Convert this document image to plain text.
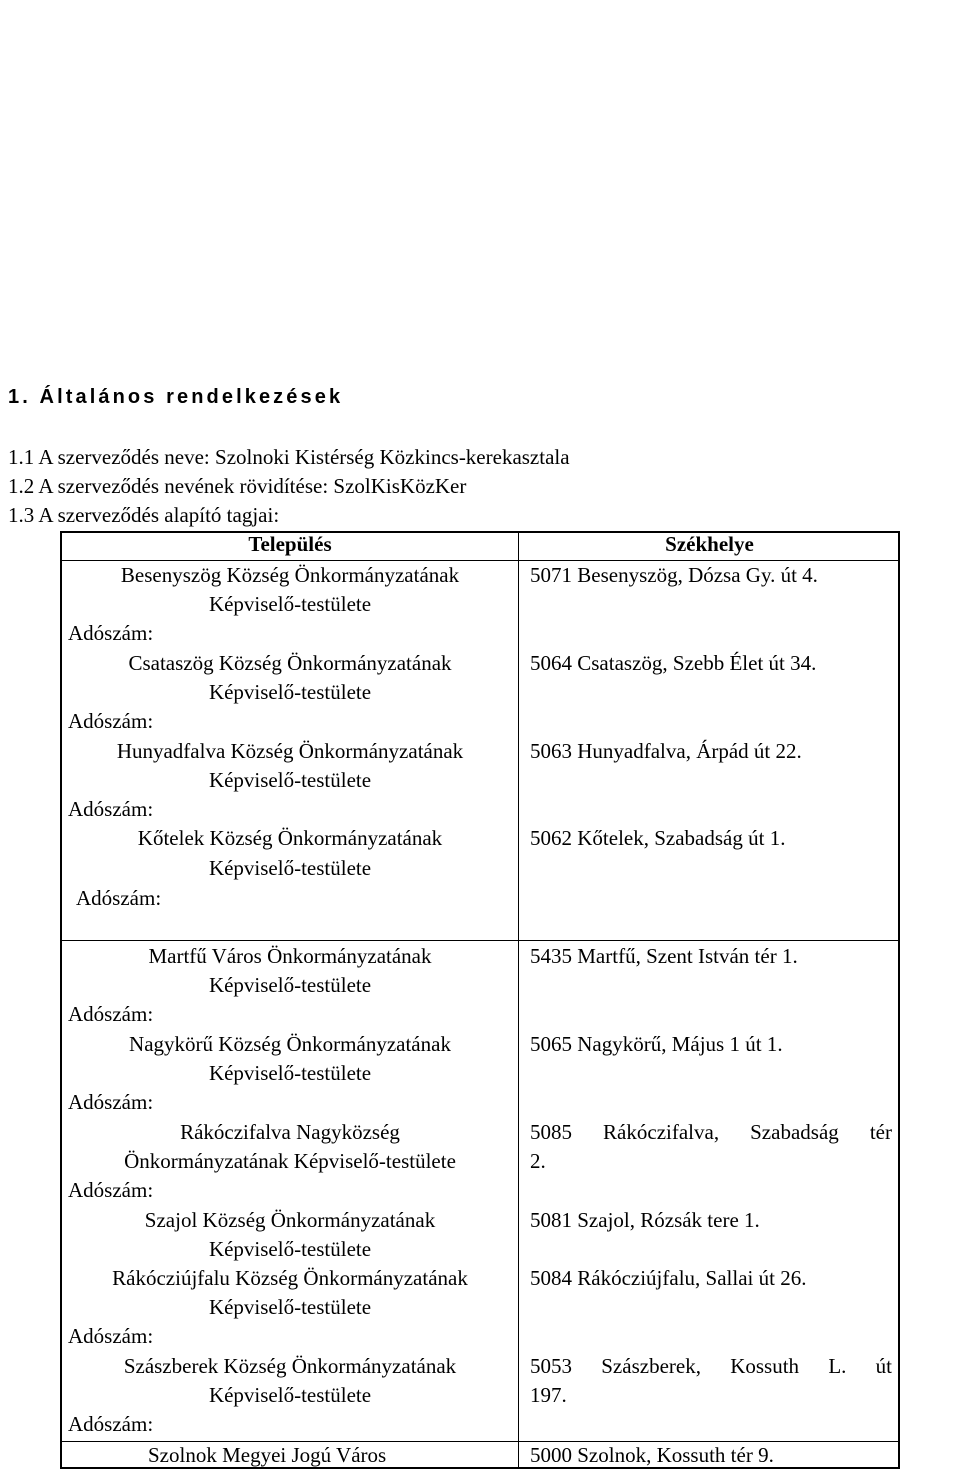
1. Általános rendelkezések
1.1 A szerveződés neve: Szolnoki Kistérség Közkincs-kerekasztala
1.2 A szerveződés nevének rövidítése: SzolKisKözKer
1.3 A szerveződés alapító tagjai:
Település	Székhelye
Besenyszög Község Önkormányzatának
Képviselő-testülete
Adószám:
5071 Besenyszög, Dózsa Gy. út 4.
Csataszög Község Önkormányzatának
Képviselő-testülete
Adószám:
5064 Csataszög, Szebb Élet út 34.
Hunyadfalva Község Önkormányzatának
Képviselő-testülete
Adószám:
5063 Hunyadfalva, Árpád út 22.
Kőtelek Község Önkormányzatának
Képviselő-testülete
Adószám:
5062 Kőtelek, Szabadság út 1.
Martfű Város Önkormányzatának
Képviselő-testülete
Adószám:
5435 Martfű, Szent István tér 1.
Nagykörű Község Önkormányzatának
Képviselő-testülete
Adószám:
5065 Nagykörű, Május 1 út 1.
Rákóczifalva Nagyközség
Önkormányzatának Képviselő-testülete
Adószám:
5085 Rákóczifalva, Szabadság tér
2.
Szajol Község Önkormányzatának
Képviselő-testülete
5081 Szajol, Rózsák tere 1.
Rákócziújfalu Község Önkormányzatának
Képviselő-testülete
Adószám:
5084 Rákócziújfalu, Sallai út 26.
Szászberek Község Önkormányzatának
Képviselő-testülete
Adószám:
5053 Szászberek, Kossuth L. út
197.
Szolnok Megyei Jogú Város	5000 Szolnok, Kossuth tér 9.
